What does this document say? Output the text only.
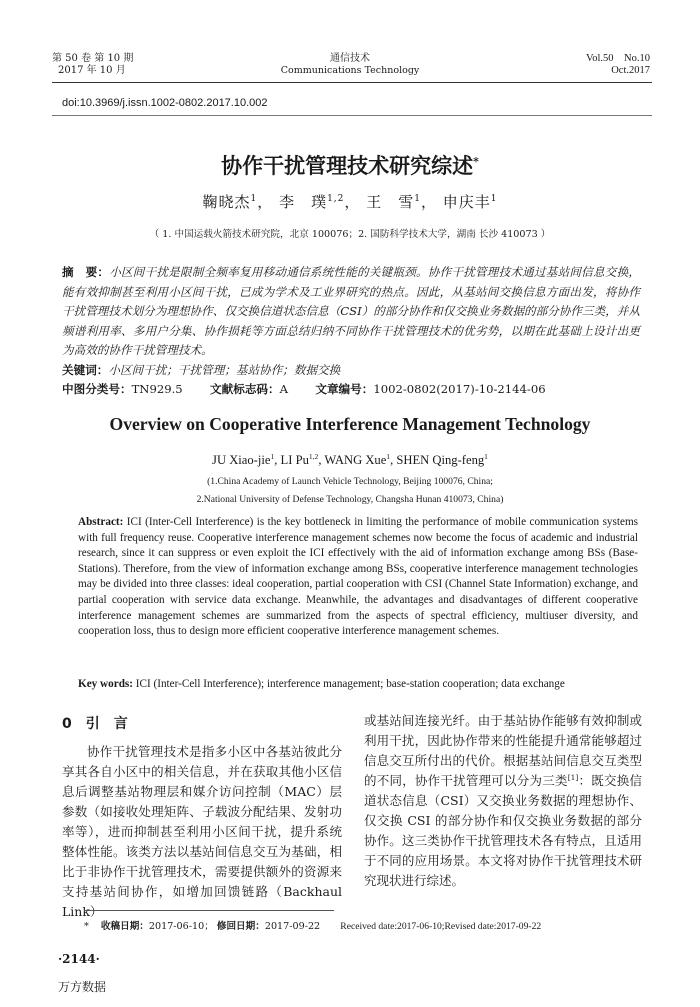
第 50 卷 第 10 期
2017 年 10 月
通信技术
Communications Technology
Vol.50　No.10
Oct.2017
doi:10.3969/j.issn.1002-0802.2017.10.002
协作干扰管理技术研究综述*
鞠晓杰$^1$， 李　璞$^{1,2}$， 王　雪$^1$， 申庆丰$^1$
（ 1. 中国运载火箭技术研究院，北京 100076；2. 国防科学技术大学，湖南 长沙 410073 ）
摘　要：小区间干扰是限制全频率复用移动通信系统性能的关键瓶颈。协作干扰管理技术通过基站间信息交换，能有效抑制甚至利用小区间干扰，已成为学术及工业界研究的热点。因此，从基站间交换信息方面出发，将协作干扰管理技术划分为理想协作、仅交换信道状态信息（CSI）的部分协作和仅交换业务数据的部分协作三类，并从频谱利用率、多用户分集、协作损耗等方面总结归纳不同协作干扰管理技术的优劣势，以期在此基础上设计出更为高效的协作干扰管理技术。
关键词：小区间干扰；干扰管理；基站协作；数据交换
中图分类号：TN929.5 文献标志码：A 文章编号：1002-0802(2017)-10-2144-06
Overview on Cooperative Interference Management Technology
JU Xiao-jie$^1$, LI Pu$^{1,2}$, WANG Xue$^1$, SHEN Qing-feng$^1$
(1.China Academy of Launch Vehicle Technology, Beijing 100076, China;
2.National University of Defense Technology, Changsha Hunan 410073, China)
Abstract: ICI (Inter-Cell Interference) is the key bottleneck in limiting the performance of mobile communication systems with full frequency reuse. Cooperative interference management schemes now become the focus of academic and industrial research, since it can suppress or even exploit the ICI effectively with the aid of information exchange among BSs (Base-Stations). Therefore, from the view of information exchange among BSs, cooperative interference management technologies may be divided into three classes: ideal cooperation, partial cooperation with CSI (Channel State Information) exchange, and partial cooperation with service data exchange. Meanwhile, the advantages and disadvantages of different cooperative interference management schemes are summarized from the aspects of spectral efficiency, multiuser diversity, and cooperation loss, thus to design more efficient cooperative interference management schemes.
Key words: ICI (Inter-Cell Interference); interference management; base-station cooperation; data exchange
0 引　言
协作干扰管理技术是指多小区中各基站彼此分享其各自小区中的相关信息，并在获取其他小区信息后调整基站物理层和媒介访问控制（MAC）层参数（如接收处理矩阵、子载波分配结果、发射功率等），进而抑制甚至利用小区间干扰，提升系统整体性能。该类方法以基站间信息交互为基础，相比于非协作干扰管理技术，需要提供额外的资源来支持基站间协作，如增加回馈链路（Backhaul Link）
或基站间连接光纤。由于基站协作能够有效抑制或利用干扰，因此协作带来的性能提升通常能够超过信息交互所付出的代价。根据基站间信息交互类型的不同，协作干扰管理可以分为三类[1]：既交换信道状态信息（CSI）又交换业务数据的理想协作、仅交换 CSI 的部分协作和仅交换业务数据的部分协作。这三类协作干扰管理技术各有特点，且适用于不同的应用场景。本文将对协作干扰管理技术研究现状进行综述。
* 收稿日期：2017-06-10； 修回日期：2017-09-22 Received date:2017-06-10;Revised date:2017-09-22
·2144·
万方数据
